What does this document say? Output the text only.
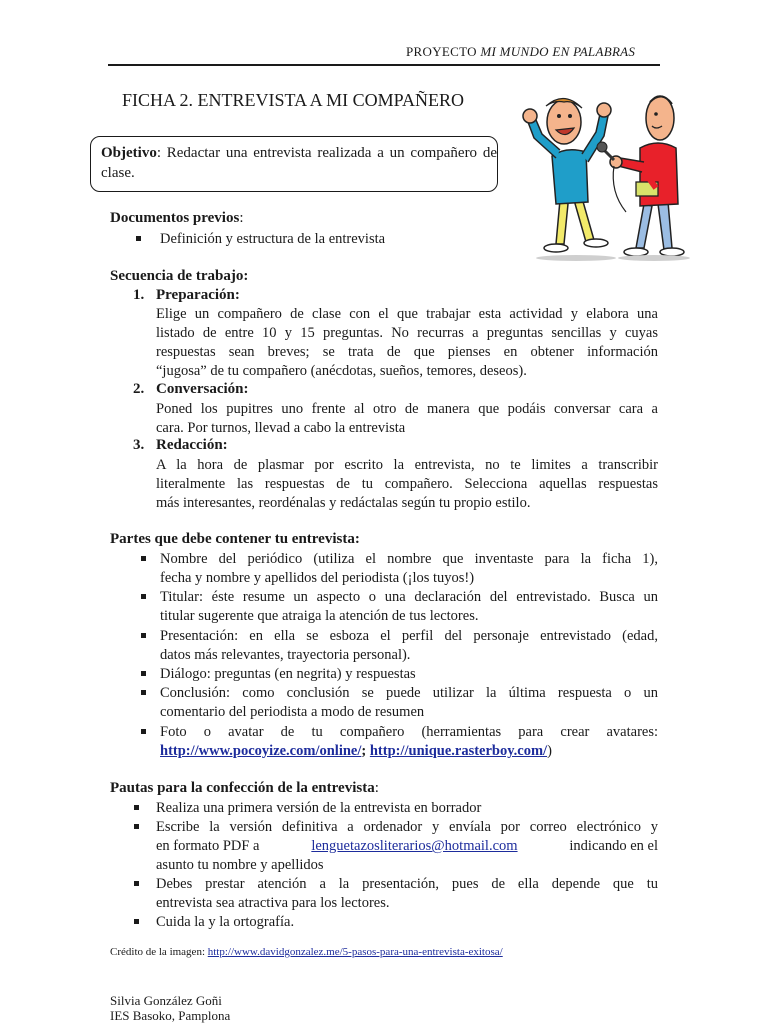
PROYECTO MI MUNDO EN PALABRAS
FICHA 2. ENTREVISTA A MI COMPAÑERO
Objetivo: Redactar una entrevista realizada a un compañero de clase.
Documentos previos:
Definición y estructura de la entrevista
Secuencia de trabajo:
1. Preparación:
Elige un compañero de clase con el que trabajar esta actividad y elabora una
listado de entre 10 y 15 preguntas. No recurras a preguntas sencillas y cuyas
respuestas sean breves; se trata de que pienses en obtener información
“jugosa” de tu compañero (anécdotas, sueños, temores, deseos).
2. Conversación:
Poned los pupitres uno frente al otro de manera que podáis conversar cara a
cara. Por turnos, llevad a cabo la entrevista
3. Redacción:
A la hora de plasmar por escrito la entrevista, no te limites a transcribir
literalmente las respuestas de tu compañero. Selecciona aquellas respuestas
más interesantes, reordénalas y redáctalas según tu propio estilo.
Partes que debe contener tu entrevista:
Nombre del periódico (utiliza el nombre que inventaste para la ficha 1),
fecha y nombre y apellidos del periodista (¡los tuyos!)
Titular: éste resume un aspecto o una declaración del entrevistado. Busca un
titular sugerente que atraiga la atención de tus lectores.
Presentación: en ella se esboza el perfil del personaje entrevistado (edad,
datos más relevantes, trayectoria personal).
Diálogo: preguntas (en negrita) y respuestas
Conclusión: como conclusión se puede utilizar la última respuesta o un
comentario del periodista a modo de resumen
Foto o avatar de tu compañero (herramientas para crear avatares:
http://www.pocoyize.com/online/; http://unique.rasterboy.com/)
Pautas para la confección de la entrevista:
Realiza una primera versión de la entrevista en borrador
Escribe la versión definitiva a ordenador y envíala por correo electrónico y
en formato PDF a	lenguetazosliterarios@hotmail.com	indicando en el
asunto tu nombre y apellidos
Debes prestar atención a la presentación, pues de ella depende que tu
entrevista sea atractiva para los lectores.
Cuida la y la ortografía.
Crédito de la imagen: http://www.davidgonzalez.me/5-pasos-para-una-entrevista-exitosa/
Silvia González Goñi
IES Basoko, Pamplona
